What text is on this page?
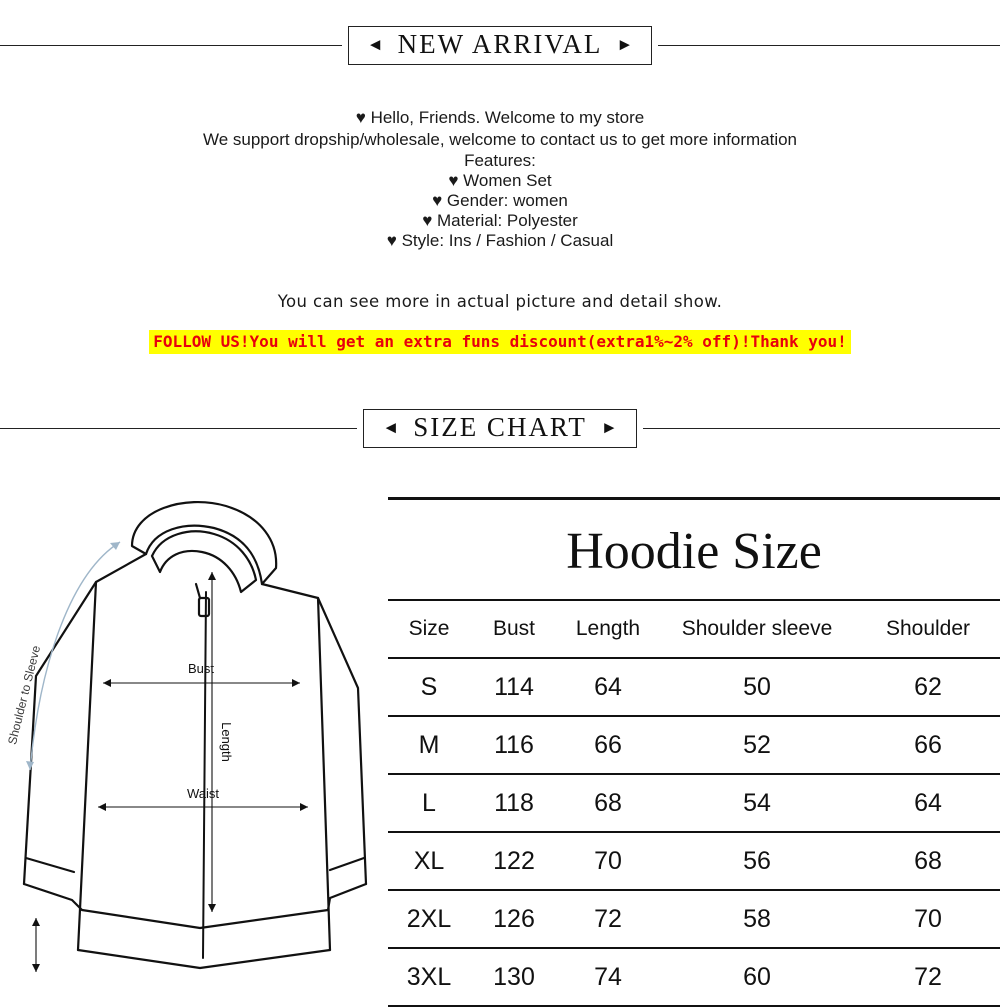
◄ NEW ARRIVAL ►
♥ Hello, Friends. Welcome to my store
We support dropship/wholesale, welcome to contact us to get more information
Features:
♥ Women Set
♥ Gender: women
♥ Material: Polyester
♥ Style: Ins / Fashion / Casual
You can see more in actual picture and detail show.
FOLLOW US!You will get an extra funs discount(extra1%~2% off)!Thank you!
◄ SIZE CHART ►
Bust
Waist
Length
Shoulder to Sleeve
Hoodie Size
Size	Bust	Length	Shoulder sleeve	Shoulder
S	114	64	50	62
M	116	66	52	66
L	118	68	54	64
XL	122	70	56	68
2XL	126	72	58	70
3XL	130	74	60	72
